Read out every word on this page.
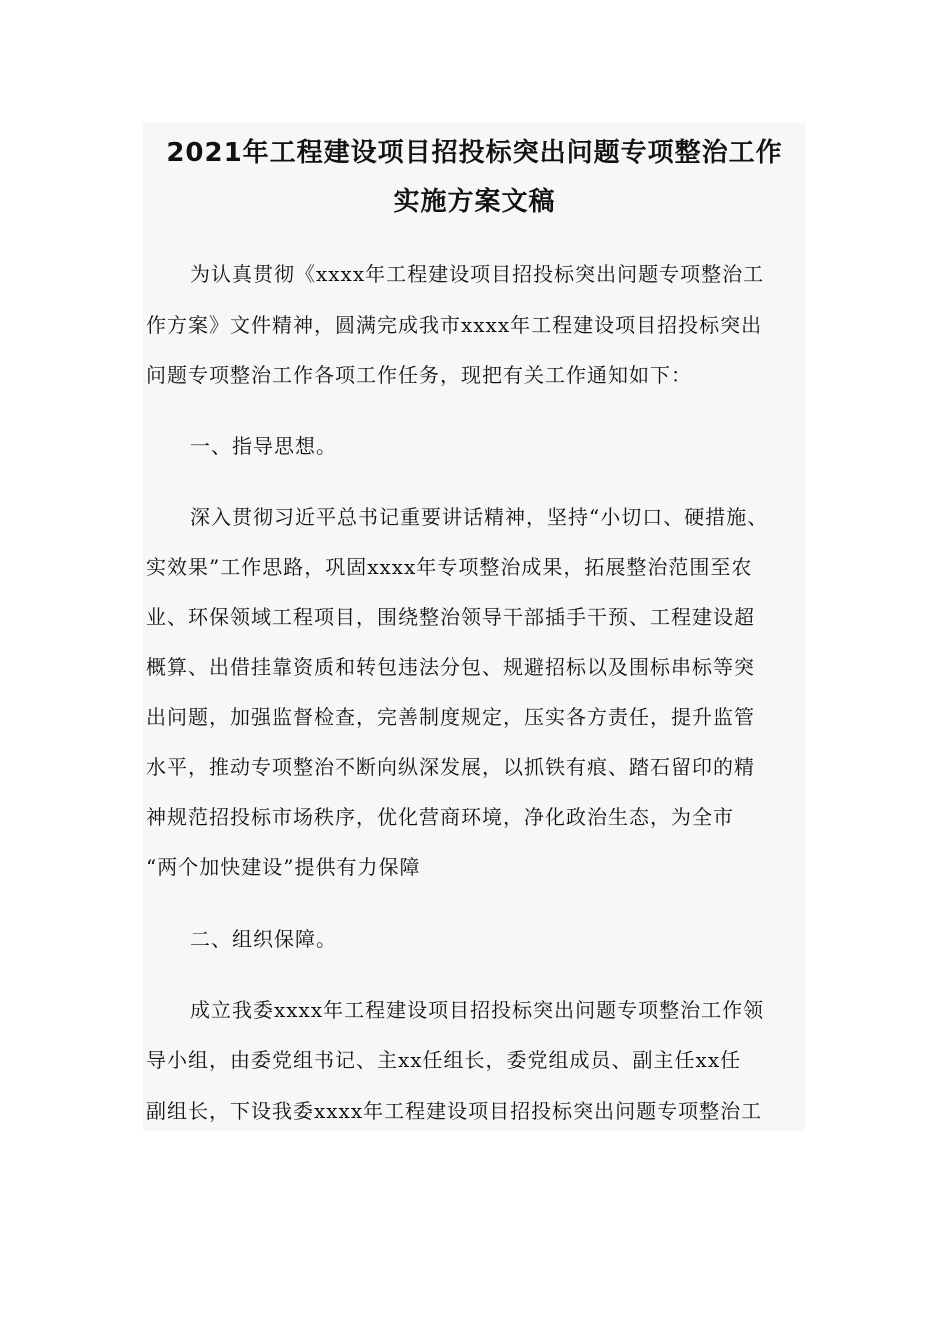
2021年工程建设项目招投标突出问题专项整治工作
实施方案文稿
为认真贯彻《xxxx年工程建设项目招投标突出问题专项整治工
作方案》文件精神，圆满完成我市xxxx年工程建设项目招投标突出
问题专项整治工作各项工作任务，现把有关工作通知如下：
一、指导思想。
深入贯彻习近平总书记重要讲话精神，坚持“小切口、硬措施、
实效果”工作思路，巩固xxxx年专项整治成果，拓展整治范围至农
业、环保领域工程项目，围绕整治领导干部插手干预、工程建设超
概算、出借挂靠资质和转包违法分包、规避招标以及围标串标等突
出问题，加强监督检查，完善制度规定，压实各方责任，提升监管
水平，推动专项整治不断向纵深发展，以抓铁有痕、踏石留印的精
神规范招投标市场秩序，优化营商环境，净化政治生态，为全市
“两个加快建设”提供有力保障
二、组织保障。
成立我委xxxx年工程建设项目招投标突出问题专项整治工作领
导小组，由委党组书记、主xx任组长，委党组成员、副主任xx任
副组长，下设我委xxxx年工程建设项目招投标突出问题专项整治工
